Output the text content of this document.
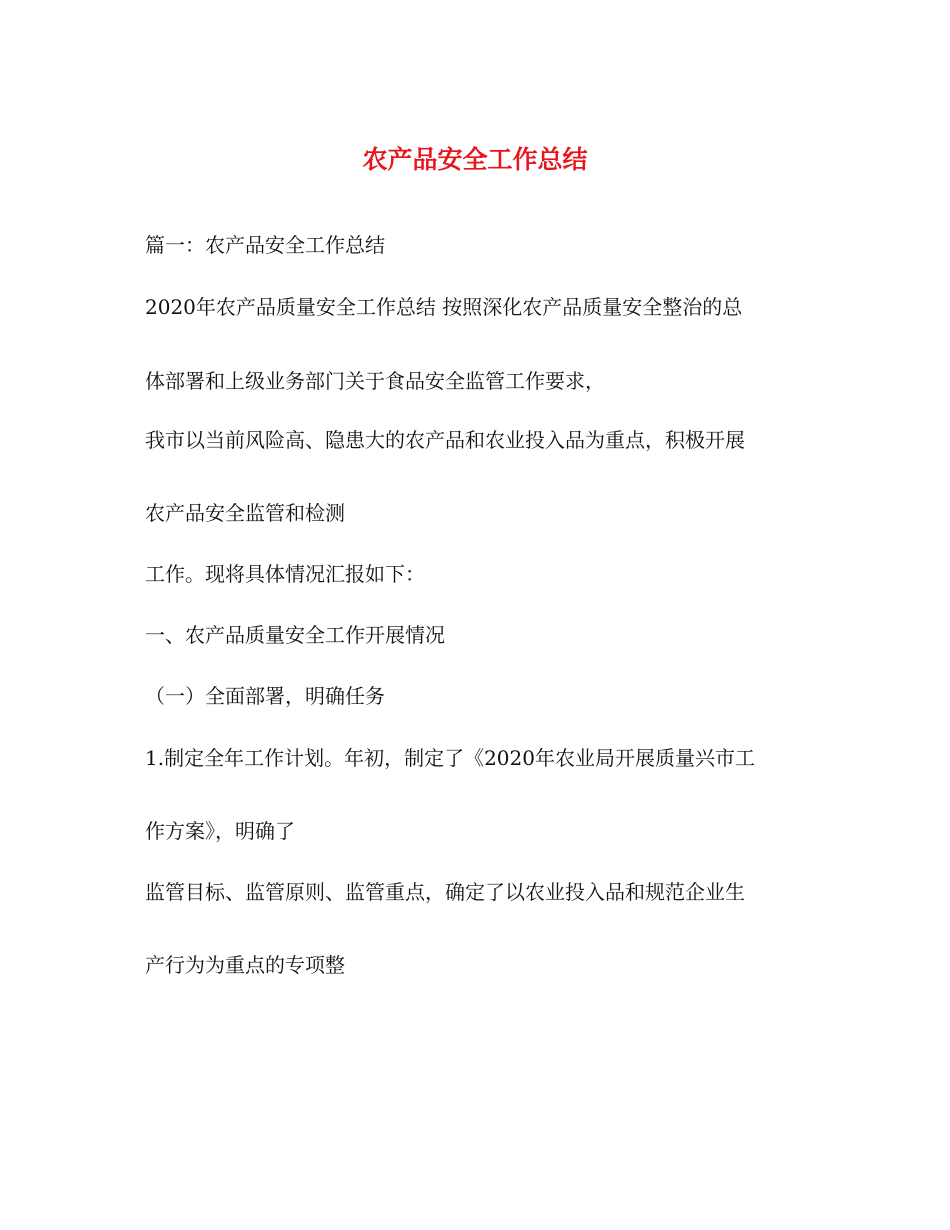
农产品安全工作总结

篇一：农产品安全工作总结

2020年农产品质量安全工作总结 按照深化农产品质量安全整治的总

体部署和上级业务部门关于食品安全监管工作要求，

我市以当前风险高、隐患大的农产品和农业投入品为重点，积极开展

农产品安全监管和检测

工作。现将具体情况汇报如下：

一、农产品质量安全工作开展情况

（一）全面部署，明确任务

1.制定全年工作计划。年初，制定了《2020年农业局开展质量兴市工

作方案》，明确了

监管目标、监管原则、监管重点，确定了以农业投入品和规范企业生

产行为为重点的专项整
